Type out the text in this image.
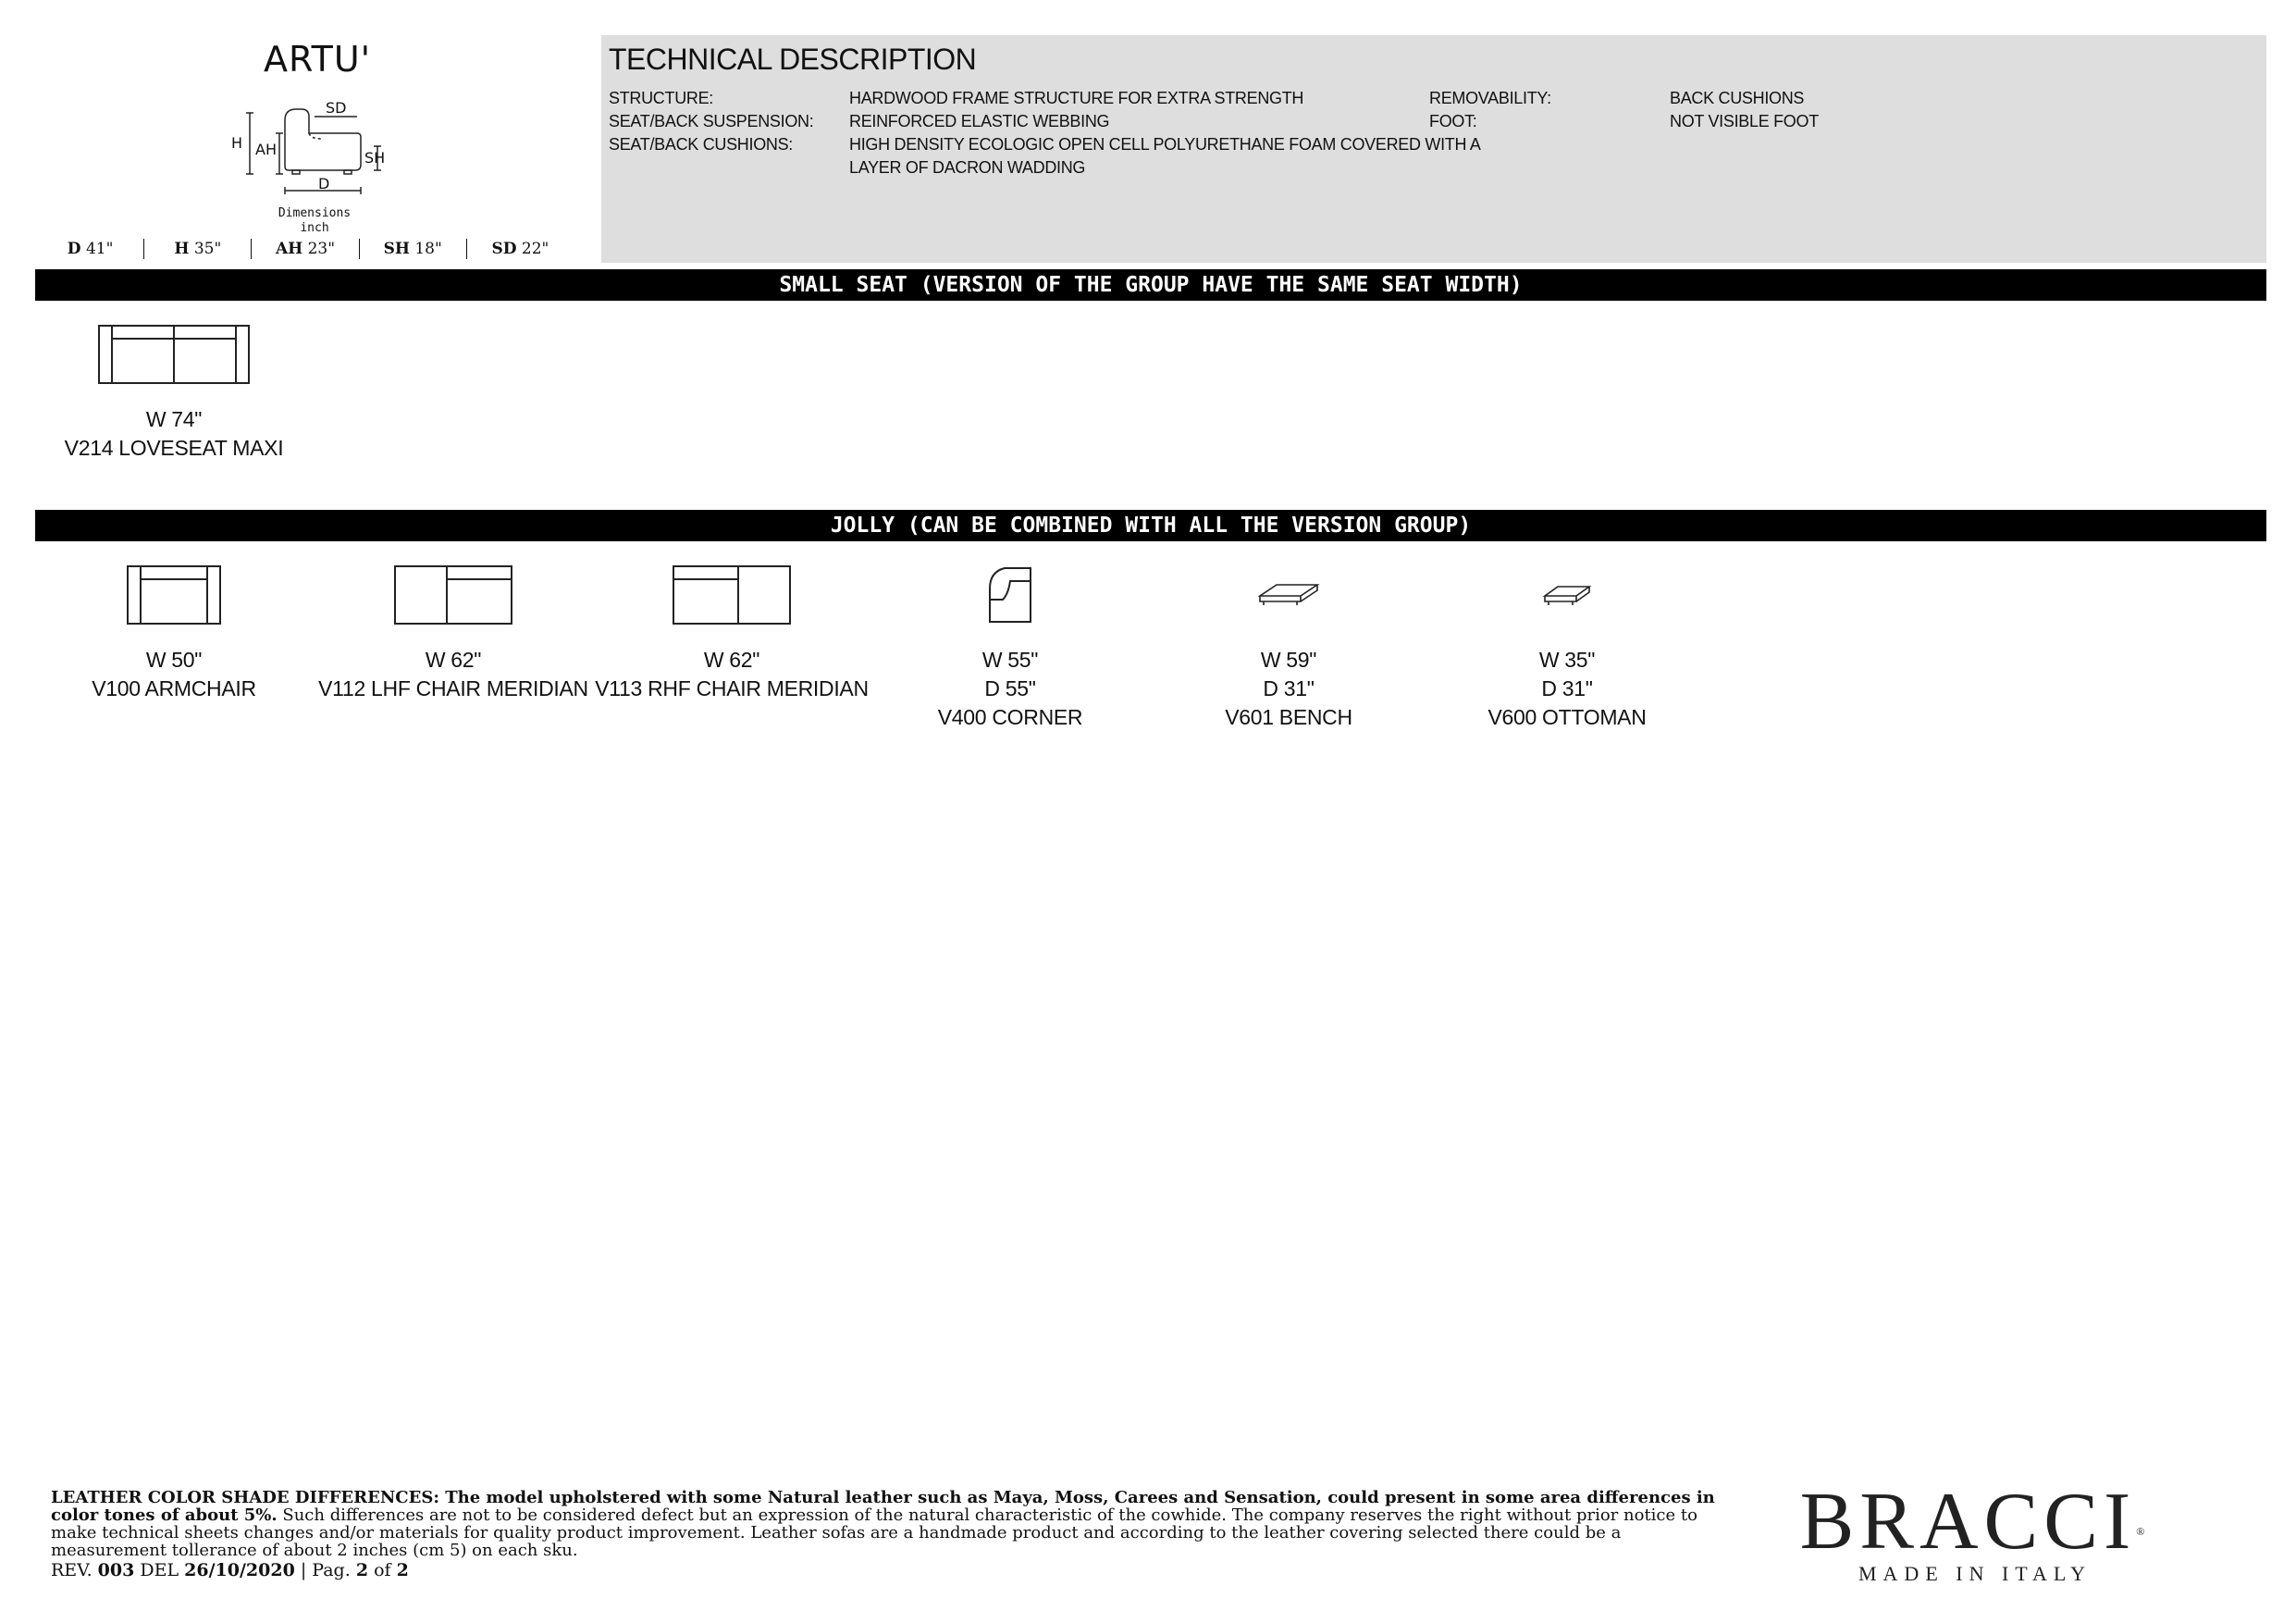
ARTU'
SD
H AH	SH
D
Dimensions
inch
D 41"	H 35"	AH 23"	SH 18"	SD 22"
TECHNICAL DESCRIPTION
STRUCTURE:	HARDWOOD FRAME STRUCTURE FOR EXTRA STRENGTH
SEAT/BACK SUSPENSION: REINFORCED ELASTIC WEBBING
SEAT/BACK CUSHIONS:	HIGH DENSITY ECOLOGIC OPEN CELL POLYURETHANE FOAM COVERED WITH A
LAYER OF DACRON WADDING
REMOVABILITY:	BACK CUSHIONS
FOOT:	NOT VISIBLE FOOT
SMALL SEAT (VERSION OF THE GROUP HAVE THE SAME SEAT WIDTH)
W 74"
V214 LOVESEAT MAXI
JOLLY (CAN BE COMBINED WITH ALL THE VERSION GROUP)
W 50"
V100 ARMCHAIR
W 62"
V112 LHF CHAIR MERIDIAN
W 62"
V113 RHF CHAIR MERIDIAN
W 55"
D 55"
V400 CORNER
W 59"
D 31"
V601 BENCH
W 35"
D 31"
V600 OTTOMAN
LEATHER COLOR SHADE DIFFERENCES: The model upholstered with some Natural leather such as Maya, Moss, Carees and Sensation, could present in some area differences in color tones of about 5%. Such differences are not to be considered defect but an expression of the natural characteristic of the cowhide. The company reserves the right without prior notice to make technical sheets changes and/or materials for quality product improvement. Leather sofas are a handmade product and according to the leather covering selected there could be a measurement tollerance of about 2 inches (cm 5) on each sku.
REV. 003 DEL 26/10/2020 | Pag. 2 of 2
BRACCI®
MADE IN ITALY
